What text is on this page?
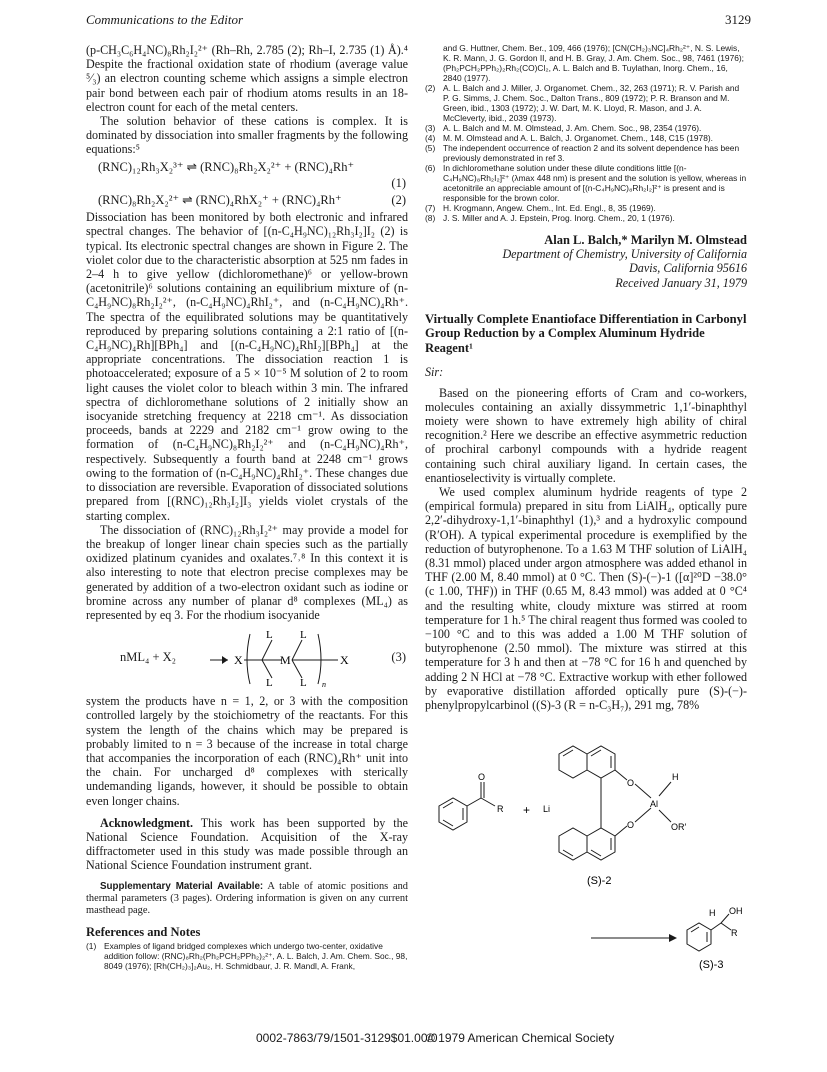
Communications to the Editor	3129

(p-CH₃C₆H₄NC)₈Rh₂I₂²⁺ (Rh–Rh, 2.785 (2); Rh–I, 2.735 (1) Å).⁴ Despite the fractional oxidation state of rhodium (average value ⁵⁄₃) an electron counting scheme which assigns a simple electron pair bond between each pair of rhodium atoms results in an 18-electron count for each of the metal centers.

The solution behavior of these cations is complex. It is dominated by dissociation into smaller fragments by the following equations:⁵

(RNC)₁₂Rh₃X₂³⁺ ⇌ (RNC)₈Rh₂X₂²⁺ + (RNC)₄Rh⁺
(1)
(RNC)₈Rh₂X₂²⁺ ⇌ (RNC)₄RhX₂⁺ + (RNC)₄Rh⁺	(2)

Dissociation has been monitored by both electronic and infrared spectral changes. The behavior of [(n-C₄H₉NC)₁₂Rh₃I₂]I₂ (2) is typical. Its electronic spectral changes are shown in Figure 2. The violet color due to the characteristic absorption at 525 nm fades in 2–4 h to give yellow (dichloromethane)⁶ or yellow-brown (acetonitrile)⁶ solutions containing an equilibrium mixture of (n-C₄H₉NC)₈Rh₂I₂²⁺, (n-C₄H₉NC)₄RhI₂⁺, and (n-C₄H₉NC)₄Rh⁺. The spectra of the equilibrated solutions may be quantitatively reproduced by preparing solutions containing a 2:1 ratio of [(n-C₄H₉NC)₄Rh][BPh₄] and [(n-C₄H₉NC)₄RhI₂][BPh₄] at the appropriate concentrations. The dissociation reaction 1 is photoaccelerated; exposure of a 5 × 10⁻⁵ M solution of 2 to room light causes the violet color to bleach within 3 min. The infrared spectra of dichloromethane solutions of 2 initially show an isocyanide stretching frequency at 2218 cm⁻¹. As dissociation proceeds, bands at 2229 and 2182 cm⁻¹ grow owing to the formation of (n-C₄H₉NC)₈Rh₂I₂²⁺ and (n-C₄H₉NC)₄Rh⁺, respectively. Subsequently a fourth band at 2248 cm⁻¹ grows owing to the formation of (n-C₄H₉NC)₄RhI₂⁺. These changes due to dissociation are reversible. Evaporation of dissociated solutions prepared from [(RNC)₁₂Rh₃I₂]I₃ yields violet crystals of the starting complex.

The dissociation of (RNC)₁₂Rh₃I₂²⁺ may provide a model for the breakup of longer linear chain species such as the partially oxidized platinum cyanides and oxalates.⁷˒⁸ In this context it is also interesting to note that electron precise complexes may be generated by addition of a two-electron oxidant such as iodine or bromine across any number of planar d⁸ complexes (ML₄) as represented by eq 3. For the rhodium isocyanide

nML₄ + X₂	X
L
L
M
L
L n
X	(3)

system the products have n = 1, 2, or 3 with the composition controlled largely by the stoichiometry of the reactants. For this system the length of the chains which may be prepared is probably limited to n = 3 because of the increase in total charge that accompanies the incorporation of each (RNC)₄Rh⁺ unit into the chain. For uncharged d⁸ complexes with sterically undemanding ligands, however, it should be possible to obtain even longer chains.

Acknowledgment. This work has been supported by the National Science Foundation. Acquisition of the X-ray diffractometer used in this study was made possible through an National Science Foundation instrument grant.

Supplementary Material Available: A table of atomic positions and thermal parameters (3 pages). Ordering information is given on any current masthead page.

References and Notes

(1) Examples of ligand bridged complexes which undergo two-center, oxidative addition follow: (RNC)₈Rh₂(Ph₂PCH₂PPh₂)₂²⁺, A. L. Balch, J. Am. Chem. Soc., 98, 8049 (1976); [Rh(CH₂)₃]₂Au₂, H. Schmidbaur, J. R. Mandl, A. Frank,
and G. Huttner, Chem. Ber., 109, 466 (1976); [CN(CH₂)₃NC]₄Rh₂²⁺, N. S. Lewis, K. R. Mann, J. G. Gordon II, and H. B. Gray, J. Am. Chem. Soc., 98, 7461 (1976); (Ph₂PCH₂PPh₂)₂Rh₂(CO)Cl₂, A. L. Balch and B. Tuylathan, Inorg. Chem., 16, 2840 (1977).
(2) A. L. Balch and J. Miller, J. Organomet. Chem., 32, 263 (1971); R. V. Parish and P. G. Simms, J. Chem. Soc., Dalton Trans., 809 (1972); P. R. Branson and M. Green, ibid., 1303 (1972); J. W. Dart, M. K. Lloyd, R. Mason, and J. A. McCleverty, ibid., 2039 (1973).
(3) A. L. Balch and M. M. Olmstead, J. Am. Chem. Soc., 98, 2354 (1976).
(4) M. M. Olmstead and A. L. Balch, J. Organomet. Chem., 148, C15 (1978).
(5) The independent occurrence of reaction 2 and its solvent dependence has been previously demonstrated in ref 3.
(6) In dichloromethane solution under these dilute conditions little [(n-C₄H₉NC)₈Rh₂I₂]²⁺ (λmax 448 nm) is present and the solution is yellow, whereas in acetonitrile an appreciable amount of [(n-C₄H₉NC)₈Rh₂I₂]²⁺ is present and is responsible for the brown color.
(7) H. Krogmann, Angew. Chem., Int. Ed. Engl., 8, 35 (1969).
(8) J. S. Miller and A. J. Epstein, Prog. Inorg. Chem., 20, 1 (1976).

Alan L. Balch,* Marilyn M. Olmstead

Department of Chemistry, University of California

Davis, California 95616

Received January 31, 1979

Virtually Complete Enantioface Differentiation in Carbonyl Group Reduction by a Complex Aluminum Hydride Reagent¹

Sir:

Based on the pioneering efforts of Cram and co-workers, molecules containing an axially dissymmetric 1,1′-binaphthyl moiety were shown to have extremely high ability of chiral recognition.² Here we describe an effective asymmetric reduction of prochiral carbonyl compounds with a hydride reagent containing such chiral auxiliary ligand. In certain cases, the enantioselectivity is virtually complete.

We used complex aluminum hydride reagents of type 2 (empirical formula) prepared in situ from LiAlH₄, optically pure 2,2′-dihydroxy-1,1′-binaphthyl (1),³ and a hydroxylic compound (R′OH). A typical experimental procedure is exemplified by the reduction of butyrophenone. To a 1.63 M THF solution of LiAlH₄ (8.31 mmol) placed under argon atmosphere was added ethanol in THF (2.00 M, 8.40 mmol) at 0 °C. Then (S)-(−)-1 ([α]²⁰D −38.0° (c 1.00, THF)) in THF (0.65 M, 8.43 mmol) was added at 0 °C⁴ and the resulting white, cloudy mixture was stirred at room temperature for 1 h.⁵ The chiral reagent thus formed was cooled to −100 °C and to this was added a 1.00 M THF solution of butyrophenone (2.50 mmol). The mixture was stirred at this temperature for 3 h and then at −78 °C for 16 h and quenched by adding 2 N HCl at −78 °C. Extractive workup with ether followed by evaporative distillation afforded optically pure (S)-(−)-phenylpropylcarbinol ((S)-3 (R = n-C₃H₇), 291 mg, 78%

O
R + Li
O
O
Al
H
OR′
(S)-2
H OH
R
(S)-3
0002-7863/79/1501-3129$01.00/0
© 1979 American Chemical Society
